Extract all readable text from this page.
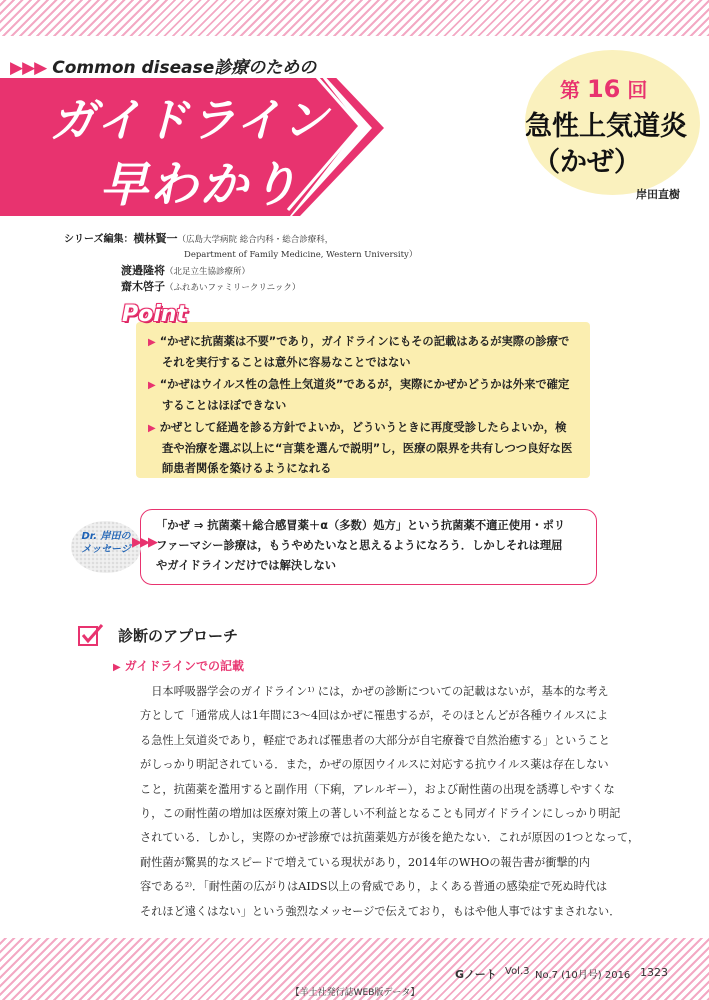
▶▶▶ Common disease診療のための
ガイドライン
早わかり
第 16 回
急性上気道炎
（かぜ）
岸田直樹
シリーズ編集：横林賢一（広島大学病院 総合内科・総合診療科，
Department of Family Medicine, Western University）
渡邉隆将（北足立生協診療所）
齋木啓子（ふれあいファミリークリニック）
Point
▶ “かぜに抗菌薬は不要”であり，ガイドラインにもその記載はあるが実際の診療で
それを実行することは意外に容易なことではない
▶ “かぜはウイルス性の急性上気道炎”であるが，実際にかぜかどうかは外来で確定
することはほぼできない
▶ かぜとして経過を診る方針でよいか，どういうときに再度受診したらよいか，検
査や治療を選ぶ以上に“言葉を選んで説明”し，医療の限界を共有しつつ良好な医
師患者関係を築けるようになれる
Dr. 岸田の
メッセージ ▶▶▶
「かぜ ⇒ 抗菌薬＋総合感冒薬＋α（多数）処方」という抗菌薬不適正使用・ポリ
ファーマシー診療は，もうやめたいなと思えるようになろう．しかしそれは理屈
やガイドラインだけでは解決しない
診断のアプローチ
▶ ガイドラインでの記載
　日本呼吸器学会のガイドライン¹⁾ には，かぜの診断についての記載はないが，基本的な考え
方として「通常成人は1年間に3～4回はかぜに罹患するが，そのほとんどが各種ウイルスによ
る急性上気道炎であり，軽症であれば罹患者の大部分が自宅療養で自然治癒する」ということ
がしっかり明記されている．また，かぜの原因ウイルスに対応する抗ウイルス薬は存在しない
こと，抗菌薬を濫用すると副作用（下痢，アレルギー），および耐性菌の出現を誘導しやすくな
り，この耐性菌の増加は医療対策上の著しい不利益となることも同ガイドラインにしっかり明記
されている．しかし，実際のかぜ診療では抗菌薬処方が後を絶たない．これが原因の1つとなって，
耐性菌が驚異的なスピードで増えている現状があり，2014年のWHOの報告書が衝撃的内
容である²⁾．「耐性菌の広がりはAIDS以上の脅威であり，よくある普通の感染症で死ぬ時代は
それほど遠くはない」という強烈なメッセージで伝えており，もはや他人事ではすまされない．
Gノート Vol.3 No.7 (10月号) 2016 1323
【羊土社発行誌WEB版データ】
